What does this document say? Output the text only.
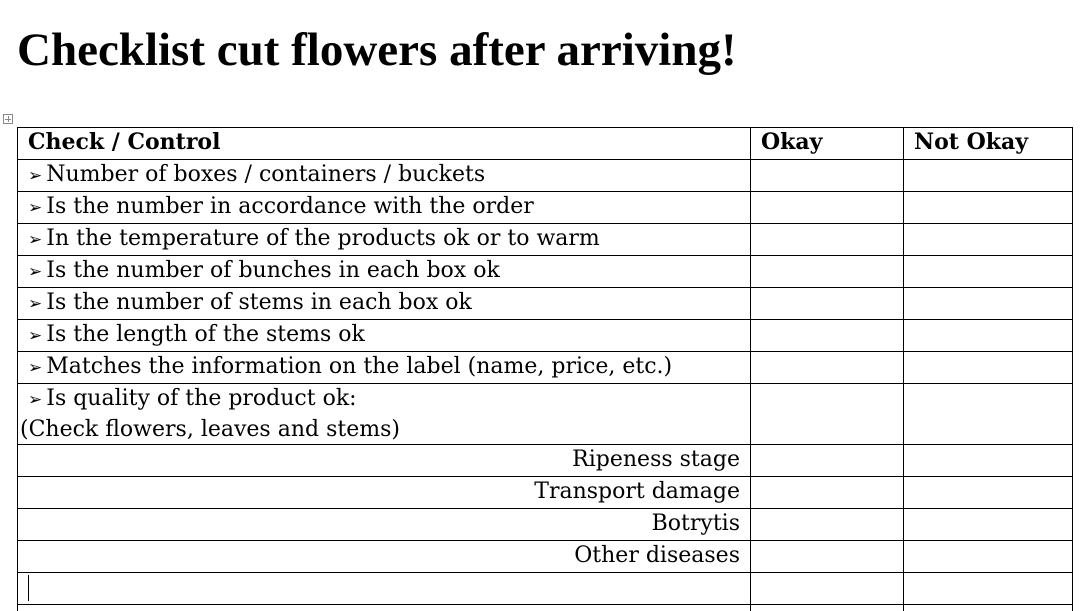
Checklist cut flowers after arriving!
Check / Control	Okay	Not Okay
➢ Number of boxes / containers / buckets		
➢ Is the number in accordance with the order		
➢ In the temperature of the products ok or to warm		
➢ Is the number of bunches in each box ok		
➢ Is the number of stems in each box ok		
➢ Is the length of the stems ok		
➢ Matches the information on the label (name, price, etc.)		

➢ Is quality of the product ok:
(Check flowers, leaves and stems)		

Ripeness stage		
Transport damage		
Botrytis		
Other diseases		
